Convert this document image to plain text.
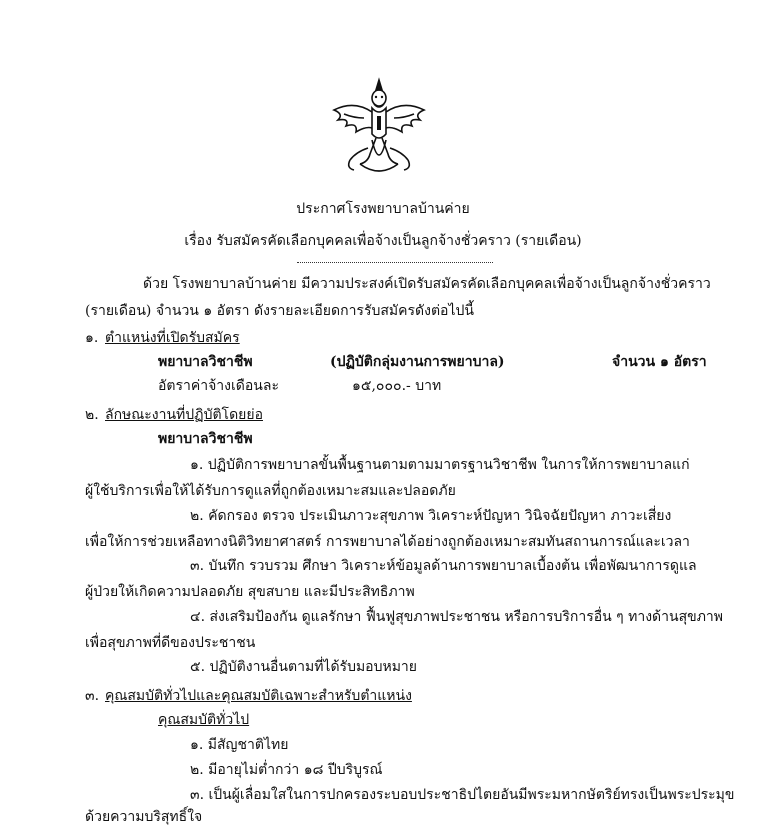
ประกาศโรงพยาบาลบ้านค่าย
เรื่อง รับสมัครคัดเลือกบุคคลเพื่อจ้างเป็นลูกจ้างชั่วคราว (รายเดือน)
ด้วย โรงพยาบาลบ้านค่าย มีความประสงค์เปิดรับสมัครคัดเลือกบุคคลเพื่อจ้างเป็นลูกจ้างชั่วคราว
(รายเดือน) จำนวน ๑ อัตรา ดังรายละเอียดการรับสมัครดังต่อไปนี้
๑. ตำแหน่งที่เปิดรับสมัคร
พยาบาลวิชาชีพ	(ปฏิบัติกลุ่มงานการพยาบาล)	จำนวน ๑ อัตรา
อัตราค่าจ้างเดือนละ	๑๕,๐๐๐.- บาท
๒. ลักษณะงานที่ปฏิบัติโดยย่อ
พยาบาลวิชาชีพ
๑. ปฏิบัติการพยาบาลขั้นพื้นฐานตามตามมาตรฐานวิชาชีพ ในการให้การพยาบาลแก่
ผู้ใช้บริการเพื่อให้ได้รับการดูแลที่ถูกต้องเหมาะสมและปลอดภัย
๒. คัดกรอง ตรวจ ประเมินภาวะสุขภาพ วิเคราะห์ปัญหา วินิจฉัยปัญหา ภาวะเสี่ยง
เพื่อให้การช่วยเหลือทางนิติวิทยาศาสตร์ การพยาบาลได้อย่างถูกต้องเหมาะสมทันสถานการณ์และเวลา
๓. บันทึก รวบรวม ศึกษา วิเคราะห์ข้อมูลด้านการพยาบาลเบื้องต้น เพื่อพัฒนาการดูแล
ผู้ป่วยให้เกิดความปลอดภัย สุขสบาย และมีประสิทธิภาพ
๔. ส่งเสริมป้องกัน ดูแลรักษา ฟื้นฟูสุขภาพประชาชน หรือการบริการอื่น ๆ ทางด้านสุขภาพ
เพื่อสุขภาพที่ดีของประชาชน
๕. ปฏิบัติงานอื่นตามที่ได้รับมอบหมาย
๓. คุณสมบัติทั่วไปและคุณสมบัติเฉพาะสำหรับตำแหน่ง
คุณสมบัติทั่วไป
๑. มีสัญชาติไทย
๒. มีอายุไม่ต่ำกว่า ๑๘ ปีบริบูรณ์
๓. เป็นผู้เลื่อมใสในการปกครองระบอบประชาธิปไตยอันมีพระมหากษัตริย์ทรงเป็นพระประมุข
ด้วยความบริสุทธิ์ใจ
